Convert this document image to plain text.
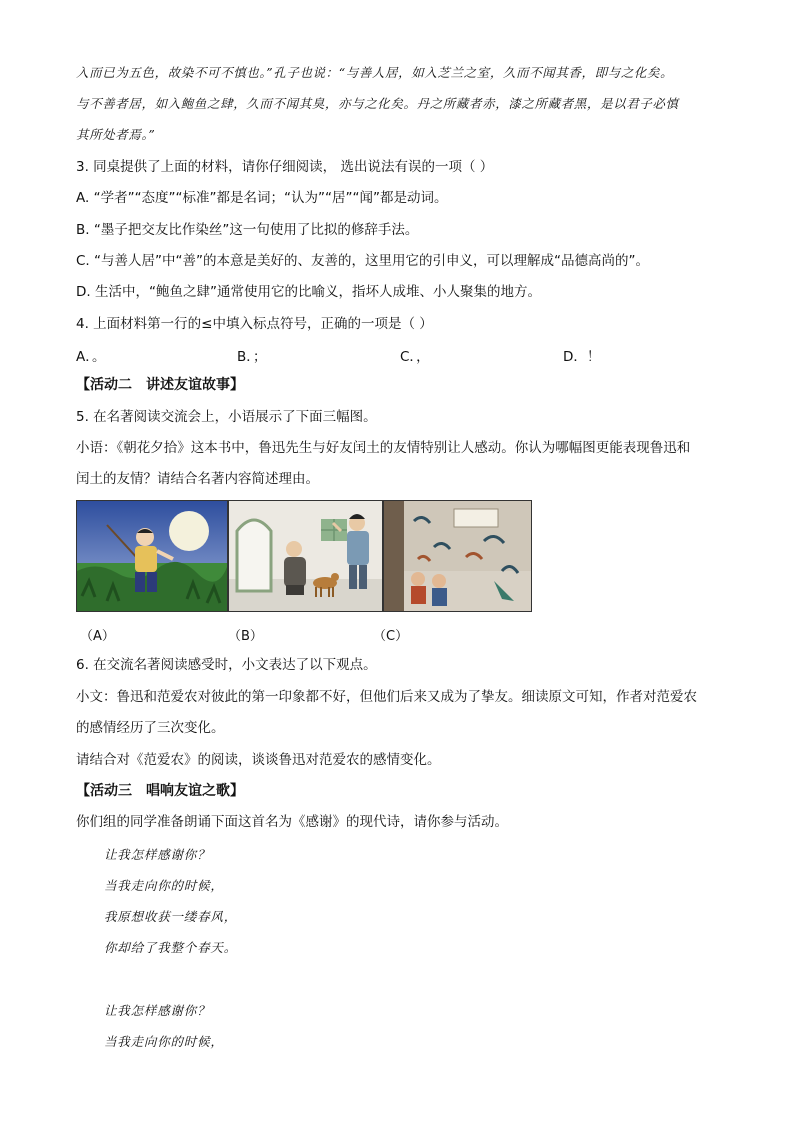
入而已为五色，故染不可不慎也。”孔子也说：“与善人居，如入芝兰之室，久而不闻其香，即与之化矣。
与不善者居，如入鲍鱼之肆，久而不闻其臭，亦与之化矣。丹之所藏者赤，漆之所藏者黑，是以君子必慎
其所处者焉。”
3. 同桌提供了上面的材料，请你仔细阅读， 选出说法有误的一项（ ）
A. “学者”“态度”“标准”都是名词；“认为”“居”“闻”都是动词。
B. “墨子把交友比作染丝”这一句使用了比拟的修辞手法。
C. “与善人居”中“善”的本意是美好的、友善的，这里用它的引申义，可以理解成“品德高尚的”。
D. 生活中，“鲍鱼之肆”通常使用它的比喻义，指坏人成堆、小人聚集的地方。
4. 上面材料第一行的≤中填入标点符号，正确的一项是（ ）
A．。	B．；	C．，	D．！
【活动二　讲述友谊故事】
5. 在名著阅读交流会上，小语展示了下面三幅图。
小语：《朝花夕拾》这本书中，鲁迅先生与好友闰土的友情特别让人感动。你认为哪幅图更能表现鲁迅和
闰土的友情？请结合名著内容简述理由。
（A）	（B）	（C）
6. 在交流名著阅读感受时，小文表达了以下观点。
小文：鲁迅和范爱农对彼此的第一印象都不好，但他们后来又成为了挚友。细读原文可知，作者对范爱农
的感情经历了三次变化。
请结合对《范爱农》的阅读，谈谈鲁迅对范爱农的感情变化。
【活动三　唱响友谊之歌】
你们组的同学准备朗诵下面这首名为《感谢》的现代诗，请你参与活动。
让我怎样感谢你？
当我走向你的时候，
我原想收获一缕春风，
你却给了我整个春天。
让我怎样感谢你？
当我走向你的时候，
